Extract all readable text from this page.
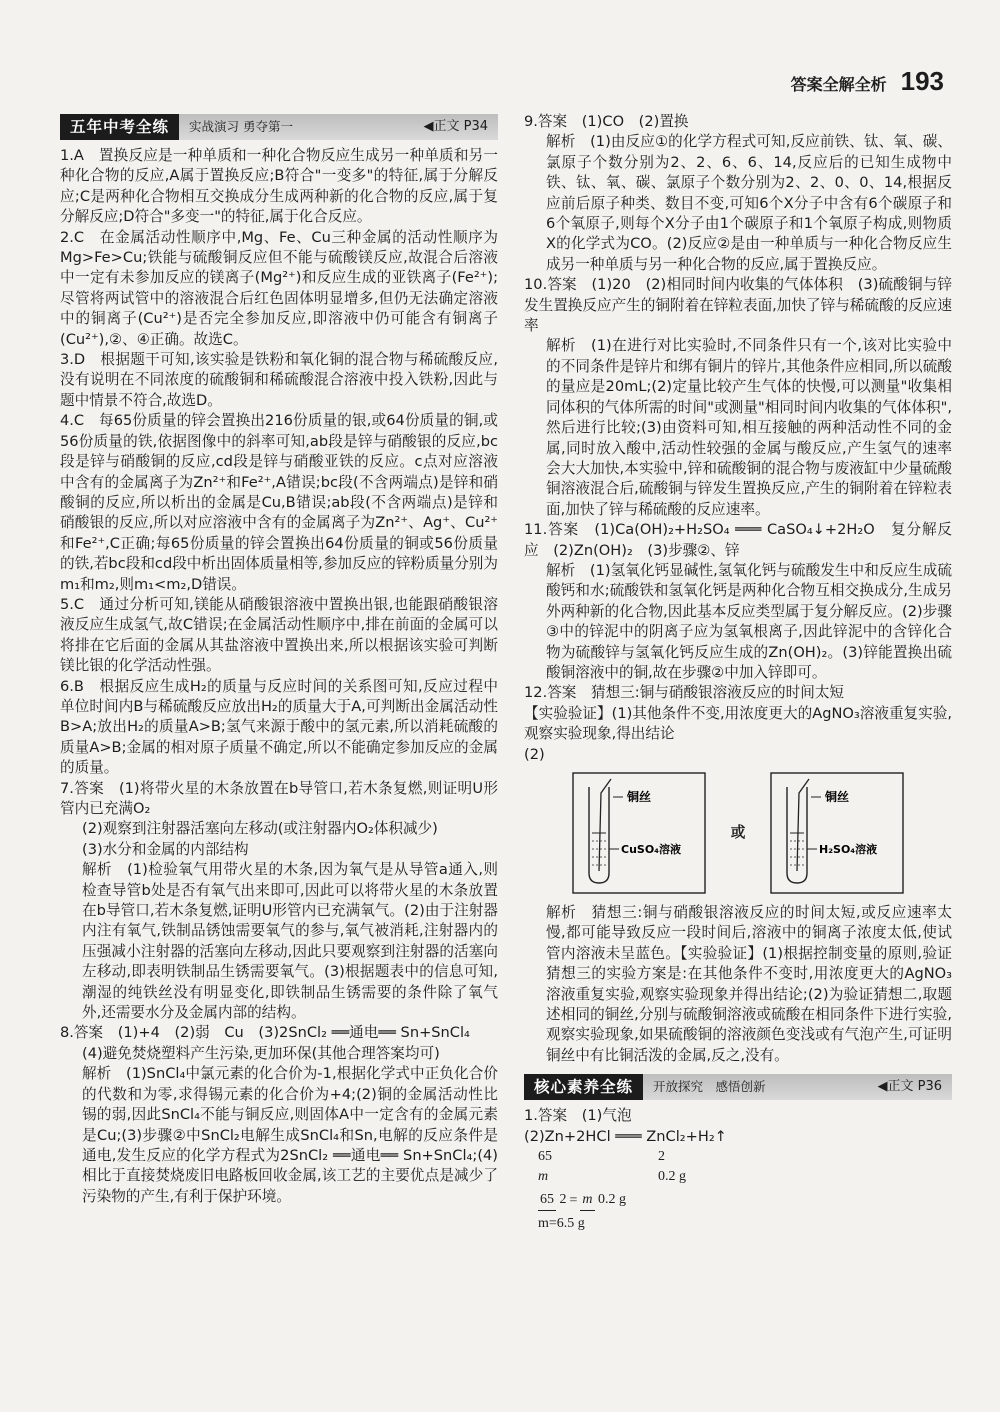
答案全解全析 193
五年中考全练	实战演习 勇夺第一	◀正文 P34

1.A　置换反应是一种单质和一种化合物反应生成另一种单质和另一种化合物的反应,A属于置换反应;B符合"一变多"的特征,属于分解反应;C是两种化合物相互交换成分生成两种新的化合物的反应,属于复分解反应;D符合"多变一"的特征,属于化合反应。

2.C　在金属活动性顺序中,Mg、Fe、Cu三种金属的活动性顺序为Mg>Fe>Cu;铁能与硫酸铜反应但不能与硫酸镁反应,故混合后溶液中一定有未参加反应的镁离子(Mg²⁺)和反应生成的亚铁离子(Fe²⁺);尽管将两试管中的溶液混合后红色固体明显增多,但仍无法确定溶液中的铜离子(Cu²⁺)是否完全参加反应,即溶液中仍可能含有铜离子(Cu²⁺),②、④正确。故选C。

3.D　根据题干可知,该实验是铁粉和氧化铜的混合物与稀硫酸反应,没有说明在不同浓度的硫酸铜和稀硫酸混合溶液中投入铁粉,因此与题中情景不符合,故选D。

4.C　每65份质量的锌会置换出216份质量的银,或64份质量的铜,或56份质量的铁,依据图像中的斜率可知,ab段是锌与硝酸银的反应,bc段是锌与硝酸铜的反应,cd段是锌与硝酸亚铁的反应。c点对应溶液中含有的金属离子为Zn²⁺和Fe²⁺,A错误;bc段(不含两端点)是锌和硝酸铜的反应,所以析出的金属是Cu,B错误;ab段(不含两端点)是锌和硝酸银的反应,所以对应溶液中含有的金属离子为Zn²⁺、Ag⁺、Cu²⁺和Fe²⁺,C正确;每65份质量的锌会置换出64份质量的铜或56份质量的铁,若bc段和cd段中析出固体质量相等,参加反应的锌粉质量分别为m₁和m₂,则m₁<m₂,D错误。

5.C　通过分析可知,镁能从硝酸银溶液中置换出银,也能跟硝酸银溶液反应生成氢气,故C错误;在金属活动性顺序中,排在前面的金属可以将排在它后面的金属从其盐溶液中置换出来,所以根据该实验可判断镁比银的化学活动性强。

6.B　根据反应生成H₂的质量与反应时间的关系图可知,反应过程中单位时间内B与稀硫酸反应放出H₂的质量大于A,可判断出金属活动性B>A;放出H₂的质量A>B;氢气来源于酸中的氢元素,所以消耗硫酸的质量A>B;金属的相对原子质量不确定,所以不能确定参加反应的金属的质量。

7.答案　(1)将带火星的木条放置在b导管口,若木条复燃,则证明U形管内已充满O₂

(2)观察到注射器活塞向左移动(或注射器内O₂体积减少)

(3)水分和金属的内部结构

解析　(1)检验氧气用带火星的木条,因为氧气是从导管a通入,则检查导管b处是否有氧气出来即可,因此可以将带火星的木条放置在b导管口,若木条复燃,证明U形管内已充满氧气。(2)由于注射器内注有氧气,铁制品锈蚀需要氧气的参与,氧气被消耗,注射器内的压强减小注射器的活塞向左移动,因此只要观察到注射器的活塞向左移动,即表明铁制品生锈需要氧气。(3)根据题表中的信息可知,潮湿的纯铁丝没有明显变化,即铁制品生锈需要的条件除了氧气外,还需要水分及金属内部的结构。

8.答案　(1)+4　(2)弱　Cu　(3)2SnCl₂ ══通电══ Sn+SnCl₄

(4)避免焚烧塑料产生污染,更加环保(其他合理答案均可)

解析　(1)SnCl₄中氯元素的化合价为-1,根据化学式中正负化合价的代数和为零,求得锡元素的化合价为+4;(2)铜的金属活动性比锡的弱,因此SnCl₄不能与铜反应,则固体A中一定含有的金属元素是Cu;(3)步骤②中SnCl₂电解生成SnCl₄和Sn,电解的反应条件是通电,发生反应的化学方程式为2SnCl₂ ══通电══ Sn+SnCl₄;(4)相比于直接焚烧废旧电路板回收金属,该工艺的主要优点是减少了污染物的产生,有利于保护环境。

9.答案　(1)CO　(2)置换

解析　(1)由反应①的化学方程式可知,反应前铁、钛、氧、碳、氯原子个数分别为2、2、6、6、14,反应后的已知生成物中铁、钛、氧、碳、氯原子个数分别为2、2、0、0、14,根据反应前后原子种类、数目不变,可知6个X分子中含有6个碳原子和6个氧原子,则每个X分子由1个碳原子和1个氧原子构成,则物质X的化学式为CO。(2)反应②是由一种单质与一种化合物反应生成另一种单质与另一种化合物的反应,属于置换反应。

10.答案　(1)20　(2)相同时间内收集的气体体积　(3)硫酸铜与锌发生置换反应产生的铜附着在锌粒表面,加快了锌与稀硫酸的反应速率

解析　(1)在进行对比实验时,不同条件只有一个,该对比实验中的不同条件是锌片和绑有铜片的锌片,其他条件应相同,所以硫酸的量应是20mL;(2)定量比较产生气体的快慢,可以测量"收集相同体积的气体所需的时间"或测量"相同时间内收集的气体体积",然后进行比较;(3)由资料可知,相互接触的两种活动性不同的金属,同时放入酸中,活动性较强的金属与酸反应,产生氢气的速率会大大加快,本实验中,锌和硫酸铜的混合物与废液缸中少量硫酸铜溶液混合后,硫酸铜与锌发生置换反应,产生的铜附着在锌粒表面,加快了锌与稀硫酸的反应速率。

11.答案　(1)Ca(OH)₂+H₂SO₄ ═══ CaSO₄↓+2H₂O　复分解反应　(2)Zn(OH)₂　(3)步骤②、锌

解析　(1)氢氧化钙显碱性,氢氧化钙与硫酸发生中和反应生成硫酸钙和水;硫酸铁和氢氧化钙是两种化合物互相交换成分,生成另外两种新的化合物,因此基本反应类型属于复分解反应。(2)步骤③中的锌泥中的阴离子应为氢氧根离子,因此锌泥中的含锌化合物为硫酸锌与氢氧化钙反应生成的Zn(OH)₂。(3)锌能置换出硫酸铜溶液中的铜,故在步骤②中加入锌即可。

12.答案　猜想三:铜与硝酸银溶液反应的时间太短

【实验验证】(1)其他条件不变,用浓度更大的AgNO₃溶液重复实验,观察实验现象,得出结论

(2)

铜丝
CuSO₄溶液
或
铜丝
H₂SO₄溶液

解析　猜想三:铜与硝酸银溶液反应的时间太短,或反应速率太慢,都可能导致反应一段时间后,溶液中的铜离子浓度太低,使试管内溶液未呈蓝色。【实验验证】(1)根据控制变量的原则,验证猜想三的实验方案是:在其他条件不变时,用浓度更大的AgNO₃溶液重复实验,观察实验现象并得出结论;(2)为验证猜想二,取题述相同的铜丝,分别与硫酸铜溶液或硫酸在相同条件下进行实验,观察实验现象,如果硫酸铜的溶液颜色变浅或有气泡产生,可证明铜丝中有比铜活泼的金属,反之,没有。

核心素养全练	开放探究　感悟创新	◀正文 P36

1.答案　(1)气泡

(2)Zn+2HCl ═══ ZnCl₂+H₂↑

65	2
m	0.2 g
65 2 = m 0.2 g
m=6.5 g
